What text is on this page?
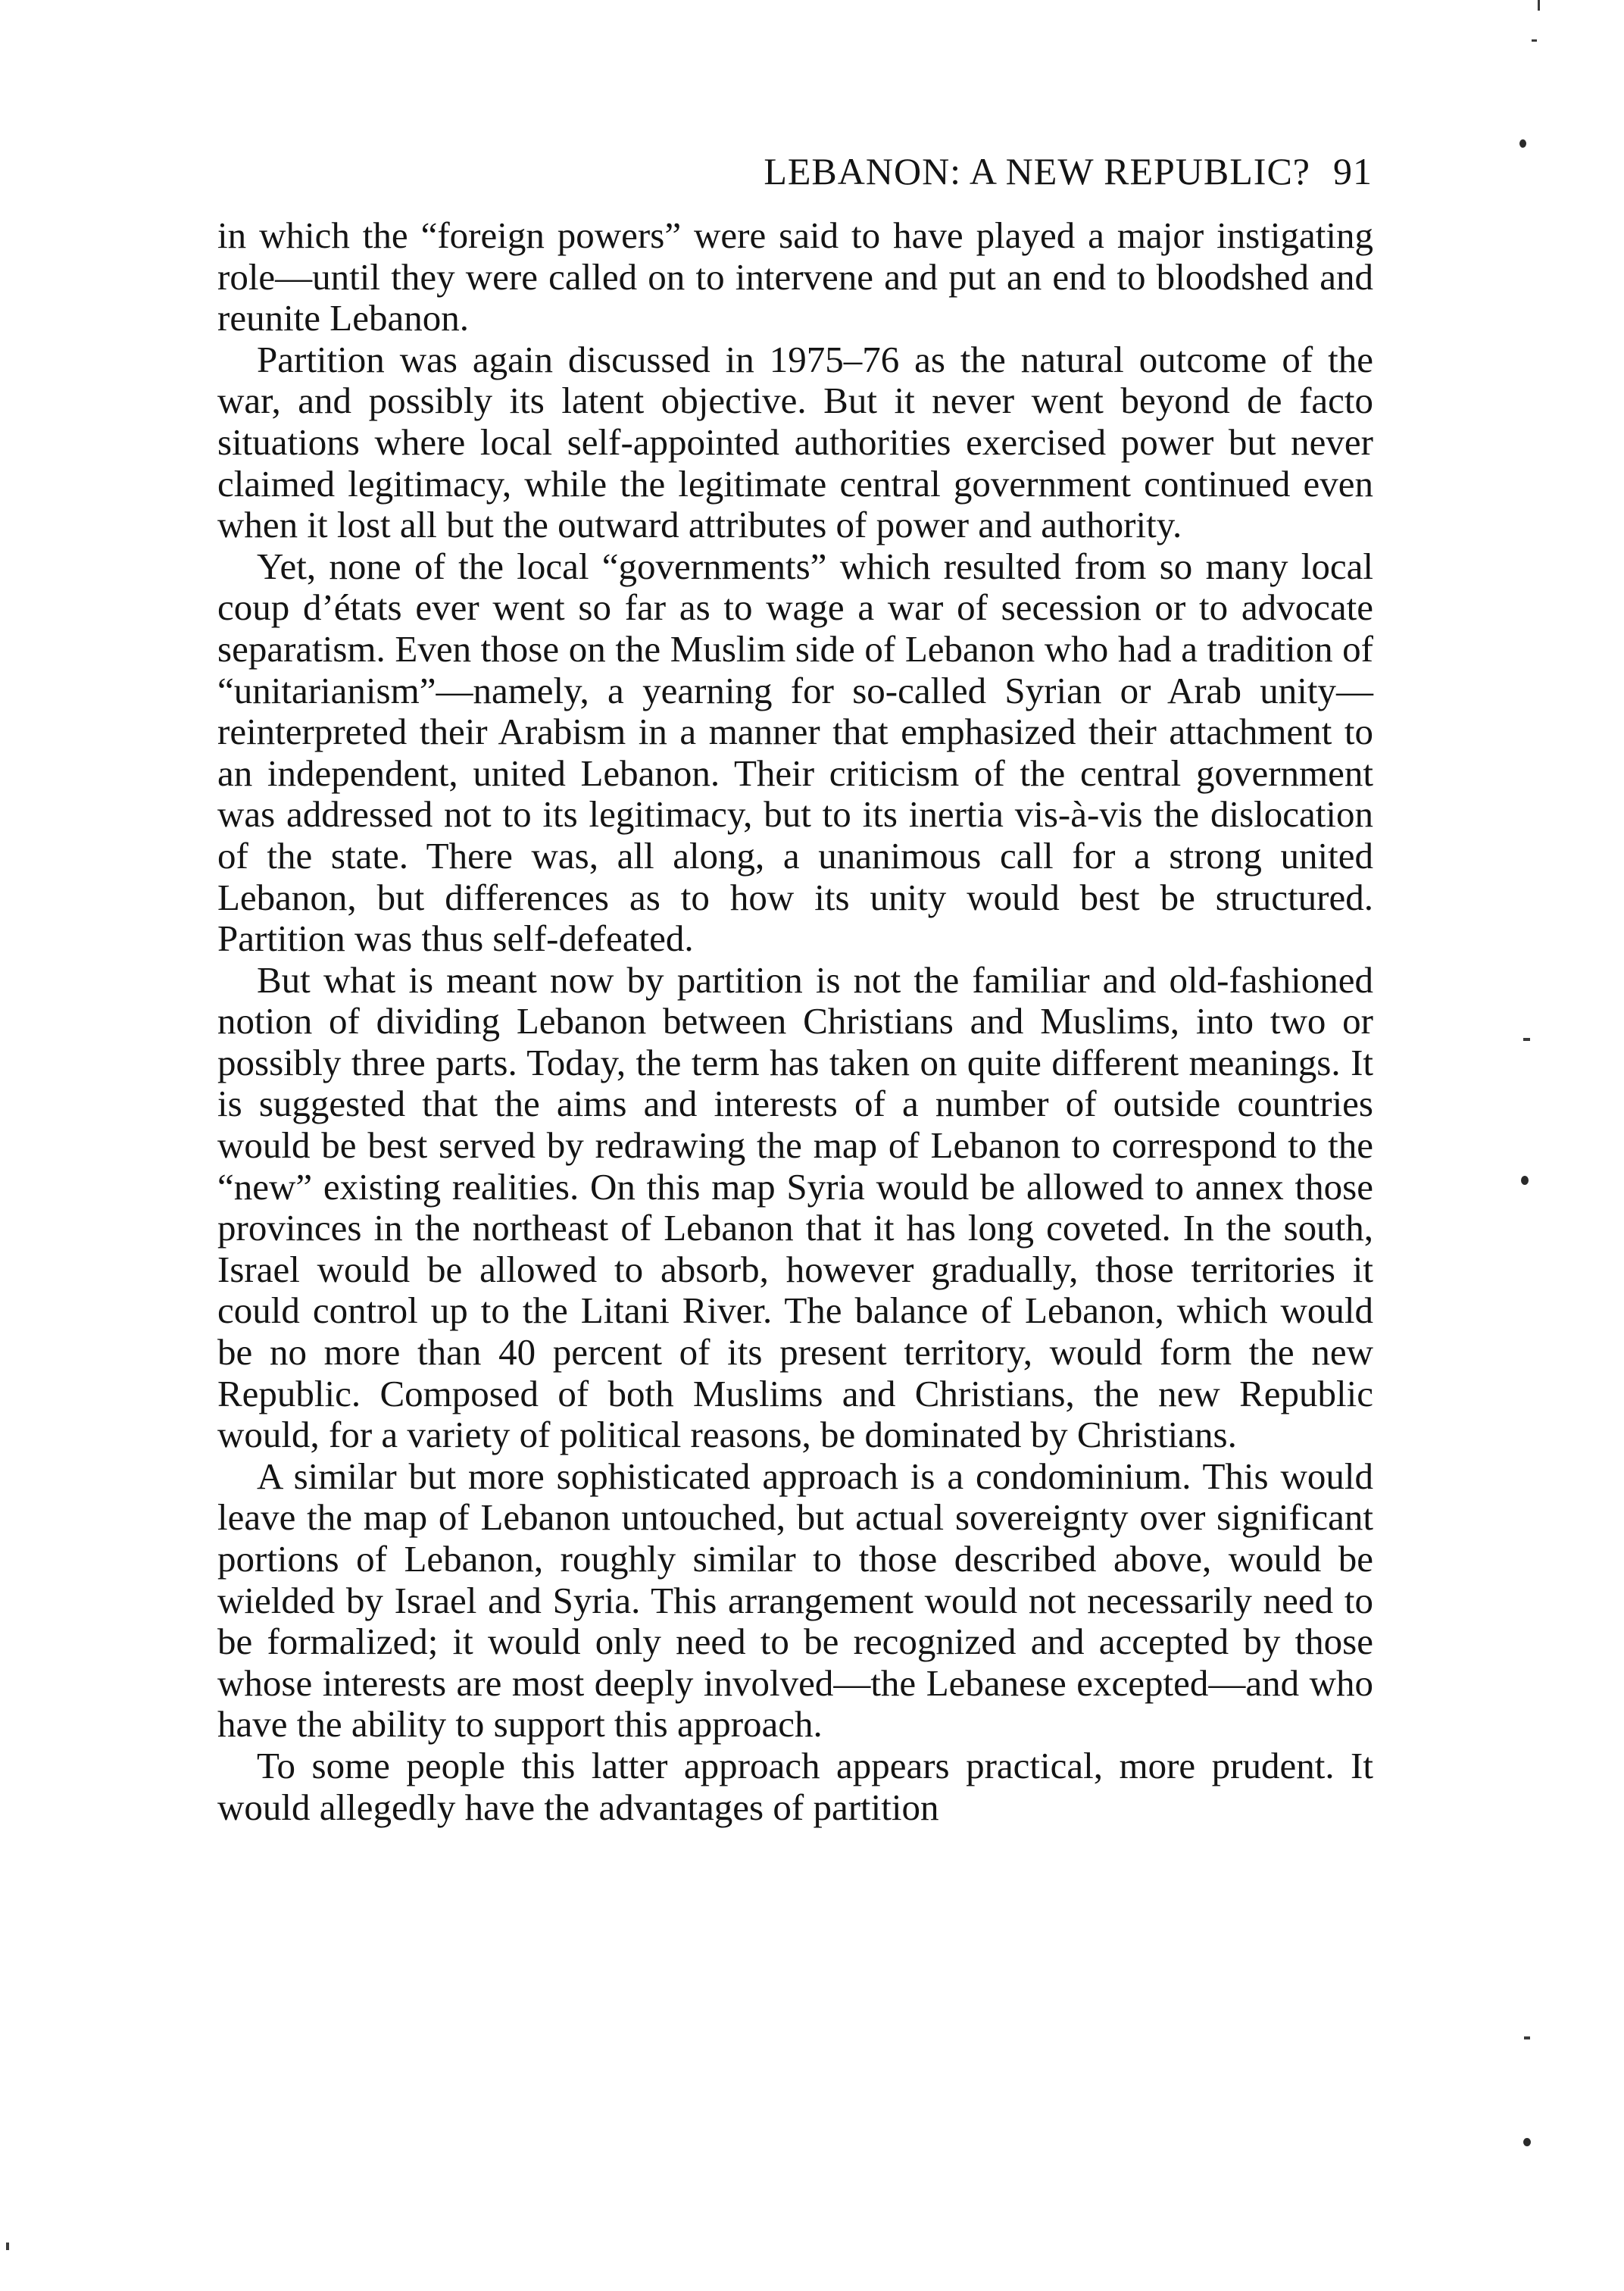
LEBANON: A NEW REPUBLIC? 91

in which the “foreign powers” were said to have played a major instigating role—until they were called on to intervene and put an end to bloodshed and reunite Lebanon.

Partition was again discussed in 1975–76 as the natural outcome of the war, and possibly its latent objective. But it never went beyond de facto situations where local self-appointed authorities exercised power but never claimed legitimacy, while the legitimate central government continued even when it lost all but the outward attributes of power and authority.

Yet, none of the local “governments” which resulted from so many local coup d’états ever went so far as to wage a war of secession or to advocate separatism. Even those on the Muslim side of Lebanon who had a tradition of “unitarianism”—namely, a yearning for so-called Syrian or Arab unity—reinterpreted their Arabism in a manner that emphasized their attachment to an independent, united Lebanon. Their criticism of the central government was addressed not to its legitimacy, but to its inertia vis-à-vis the dislocation of the state. There was, all along, a unanimous call for a strong united Lebanon, but differences as to how its unity would best be structured. Partition was thus self-defeated.

But what is meant now by partition is not the familiar and old-fashioned notion of dividing Lebanon between Christians and Muslims, into two or possibly three parts. Today, the term has taken on quite different meanings. It is suggested that the aims and interests of a number of outside countries would be best served by redrawing the map of Lebanon to correspond to the “new” existing realities. On this map Syria would be allowed to annex those provinces in the northeast of Lebanon that it has long coveted. In the south, Israel would be allowed to absorb, however gradually, those territories it could control up to the Litani River. The balance of Lebanon, which would be no more than 40 percent of its present territory, would form the new Republic. Composed of both Muslims and Christians, the new Republic would, for a variety of political reasons, be dominated by Christians.

A similar but more sophisticated approach is a condominium. This would leave the map of Lebanon untouched, but actual sovereignty over significant portions of Lebanon, roughly similar to those described above, would be wielded by Israel and Syria. This arrangement would not necessarily need to be formalized; it would only need to be recognized and accepted by those whose interests are most deeply involved—the Lebanese excepted—and who have the ability to support this approach.

To some people this latter approach appears practical, more prudent. It would allegedly have the advantages of partition
